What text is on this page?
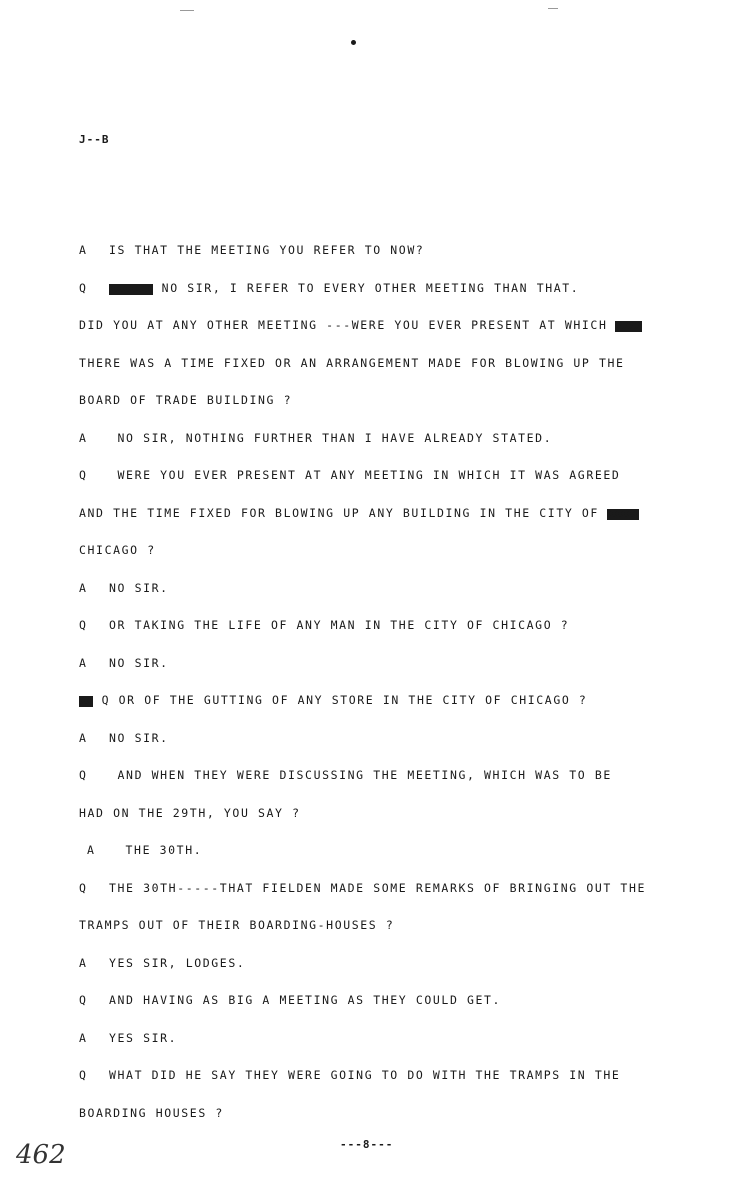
J--B
A IS THAT THE MEETING YOU REFER TO NOW?
Q XXXXXXX NO SIR, I REFER TO EVERY OTHER MEETING THAN THAT.
DID YOU AT ANY OTHER MEETING ---WERE YOU EVER PRESENT AT WHICH XXXX
THERE WAS A TIME FIXED OR AN ARRANGEMENT MADE FOR BLOWING UP THE
BOARD OF TRADE BUILDING ?
A NO SIR, NOTHING FURTHER THAN I HAVE ALREADY STATED.
Q WERE YOU EVER PRESENT AT ANY MEETING IN WHICH IT WAS AGREED
AND THE TIME FIXED FOR BLOWING UP ANY BUILDING IN THE CITY OF XXXXX
CHICAGO ?
A NO SIR.
Q OR TAKING THE LIFE OF ANY MAN IN THE CITY OF CHICAGO ?
A NO SIR.
XX Q OR OF THE GUTTING OF ANY STORE IN THE CITY OF CHICAGO ?
A NO SIR.
Q AND WHEN THEY WERE DISCUSSING THE MEETING, WHICH WAS TO BE
HAD ON THE 29TH, YOU SAY ?
A THE 30TH.
Q THE 30TH-----THAT FIELDEN MADE SOME REMARKS OF BRINGING OUT THE
TRAMPS OUT OF THEIR BOARDING-HOUSES ?
A YES SIR, LODGES.
Q AND HAVING AS BIG A MEETING AS THEY COULD GET.
A YES SIR.
Q WHAT DID HE SAY THEY WERE GOING TO DO WITH THE TRAMPS IN THE
BOARDING HOUSES ?
---8---
462
